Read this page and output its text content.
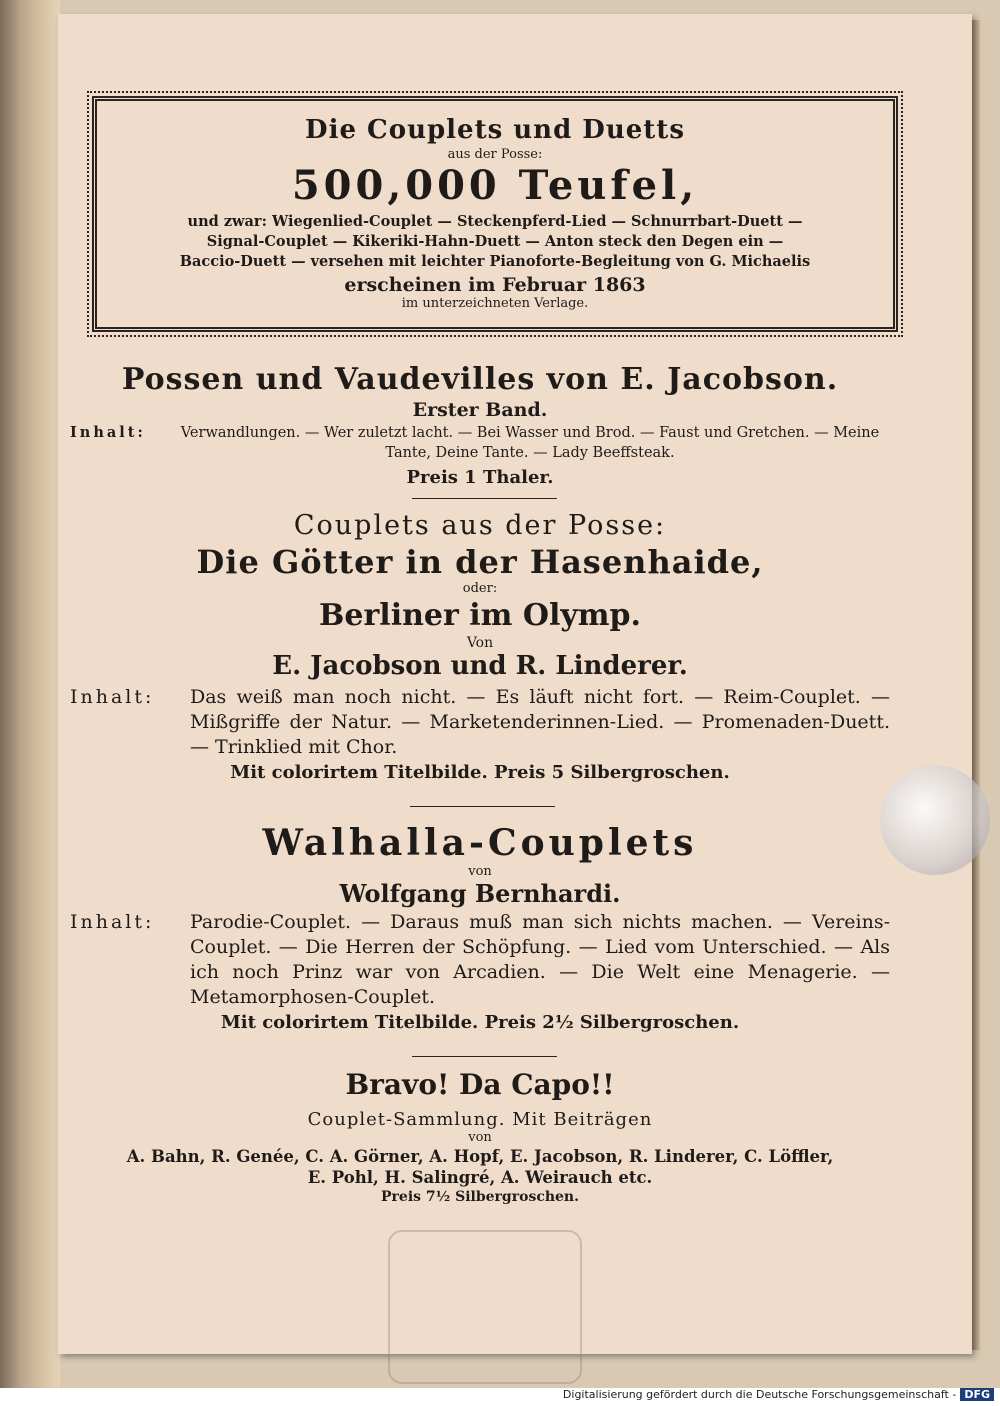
Die Couplets und Duetts
aus der Posse:
500,000 Teufel,
und zwar: Wiegenlied-Couplet — Steckenpferd-Lied — Schnurrbart-Duett —
Signal-Couplet — Kikeriki-Hahn-Duett — Anton steck den Degen ein —
Baccio-Duett — versehen mit leichter Pianoforte-Begleitung von G. Michaelis
erscheinen im Februar 1863
im unterzeichneten Verlage.
Possen und Vaudevilles von E. Jacobson.
Erster Band.
Inhalt:	Verwandlungen. — Wer zuletzt lacht. — Bei Wasser und Brod. — Faust und Gretchen. — Meine Tante, Deine Tante. — Lady Beeffsteak.
Preis 1 Thaler.
Couplets aus der Posse:
Die Götter in der Hasenhaide,
oder:
Berliner im Olymp.
Von
E. Jacobson und R. Linderer.
Inhalt:	Das weiß man noch nicht. — Es läuft nicht fort. — Reim-Couplet. — Mißgriffe der Natur. — Marketenderinnen-Lied. — Promenaden-Duett. — Trinklied mit Chor.
Mit colorirtem Titelbilde. Preis 5 Silbergroschen.
Walhalla-Couplets
von
Wolfgang Bernhardi.
Inhalt:	Parodie-Couplet. — Daraus muß man sich nichts machen. — Vereins-Couplet. — Die Herren der Schöpfung. — Lied vom Unterschied. — Als ich noch Prinz war von Arcadien. — Die Welt eine Menagerie. — Metamorphosen-Couplet.
Mit colorirtem Titelbilde. Preis 2½ Silbergroschen.
Bravo! Da Capo!!
Couplet-Sammlung. Mit Beiträgen
von
A. Bahn, R. Genée, C. A. Görner, A. Hopf, E. Jacobson, R. Linderer, C. Löffler,
E. Pohl, H. Salingré, A. Weirauch etc.
Preis 7½ Silbergroschen.
Digitalisierung gefördert durch die Deutsche Forschungsgemeinschaft - DFG
